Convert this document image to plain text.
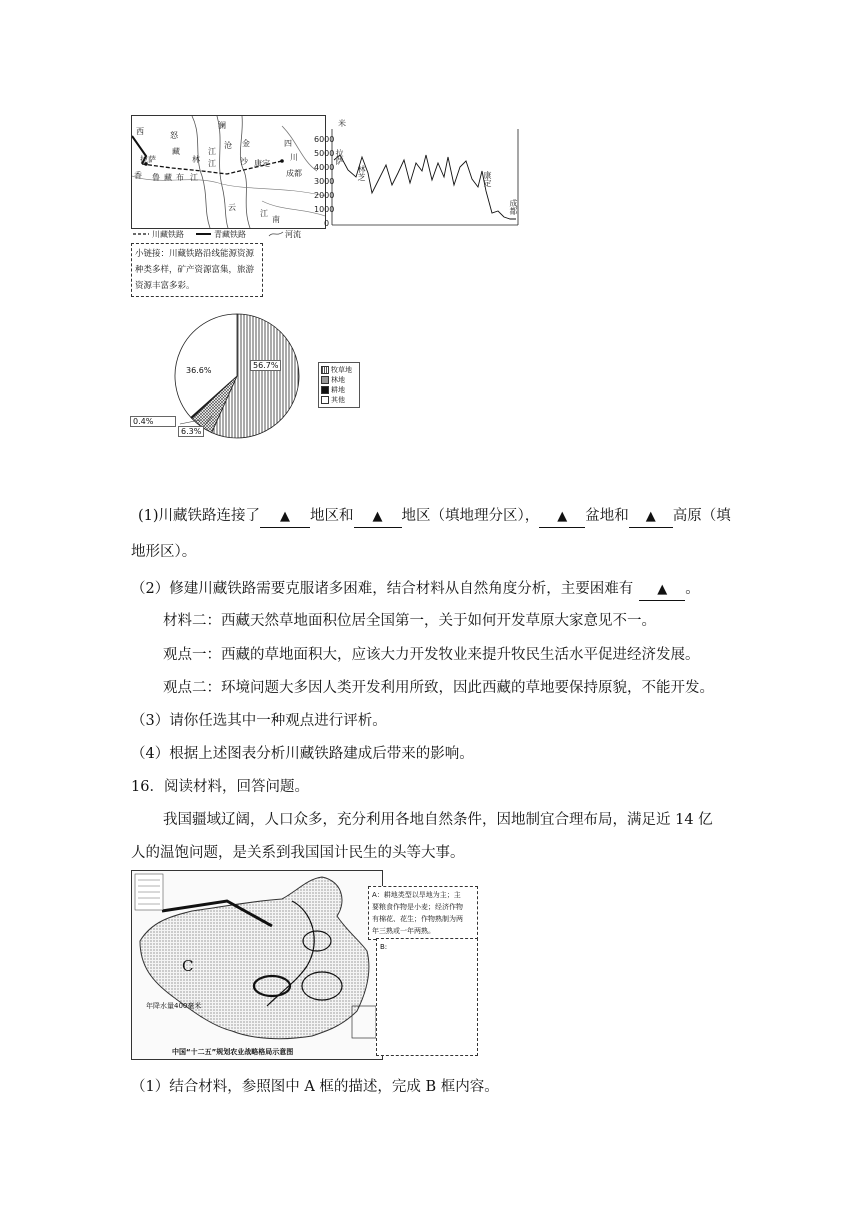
西	怒
澜
藏	江
沧 金	四
拉萨	林 江	沙 康定
川
香 鲁 藏 布 江	成都
云
江
南
川藏铁路	青藏铁路	河流
小链接：川藏铁路沿线能源资源
种类多样，矿产资源富集，旅游
资源丰富多彩。
米
6000
5000
4000
3000
2000
1000
0
拉萨
林芝	康定
成都
56.7%
36.6%
6.3%
0.4%
牧草地
林地
耕地
其他
(1)川藏铁路连接了 ▲ 地区和 ▲ 地区（填地理分区）， ▲ 盆地和 ▲ 高原（填
地形区）。
（2）修建川藏铁路需要克服诸多困难，结合材料从自然角度分析，主要困难有 ▲ 。
材料二：西藏天然草地面积位居全国第一，关于如何开发草原大家意见不一。
观点一：西藏的草地面积大，应该大力开发牧业来提升牧民生活水平促进经济发展。
观点二：环境问题大多因人类开发利用所致，因此西藏的草地要保持原貌，不能开发。
（3）请你任选其中一种观点进行评析。
（4）根据上述图表分析川藏铁路建成后带来的影响。
16．阅读材料，回答问题。
我国疆域辽阔，人口众多，充分利用各地自然条件，因地制宜合理布局，满足近 14 亿
人的温饱问题，是关系到我国国计民生的头等大事。
C
年降水量400毫米
中国“十二五”规划农业战略格局示意图
A：耕地类型以旱地为主；主
要粮食作物是小麦；经济作物
有棉花、花生；作物熟制为两
年三熟或一年两熟。
B:
（1）结合材料，参照图中 A 框的描述，完成 B 框内容。
